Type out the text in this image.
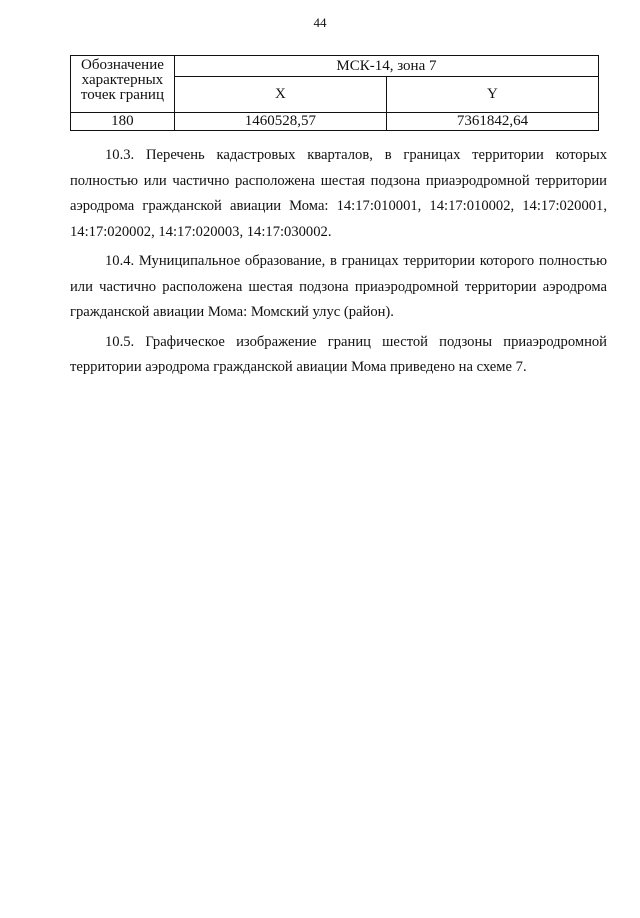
44
Обозначение характерных точек границ	МСК-14, зона 7	
	X	Y
180	1460528,57	7361842,64

10.3. Перечень кадастровых кварталов, в границах территории которых полностью или частично расположена шестая подзона приаэродромной территории аэродрома гражданской авиации Мома: 14:17:010001, 14:17:010002, 14:17:020001, 14:17:020002, 14:17:020003, 14:17:030002.

10.4. Муниципальное образование, в границах территории которого полностью или частично расположена шестая подзона приаэродромной территории аэродрома гражданской авиации Мома: Момский улус (район).

10.5. Графическое изображение границ шестой подзоны приаэродромной территории аэродрома гражданской авиации Мома приведено на схеме 7.
